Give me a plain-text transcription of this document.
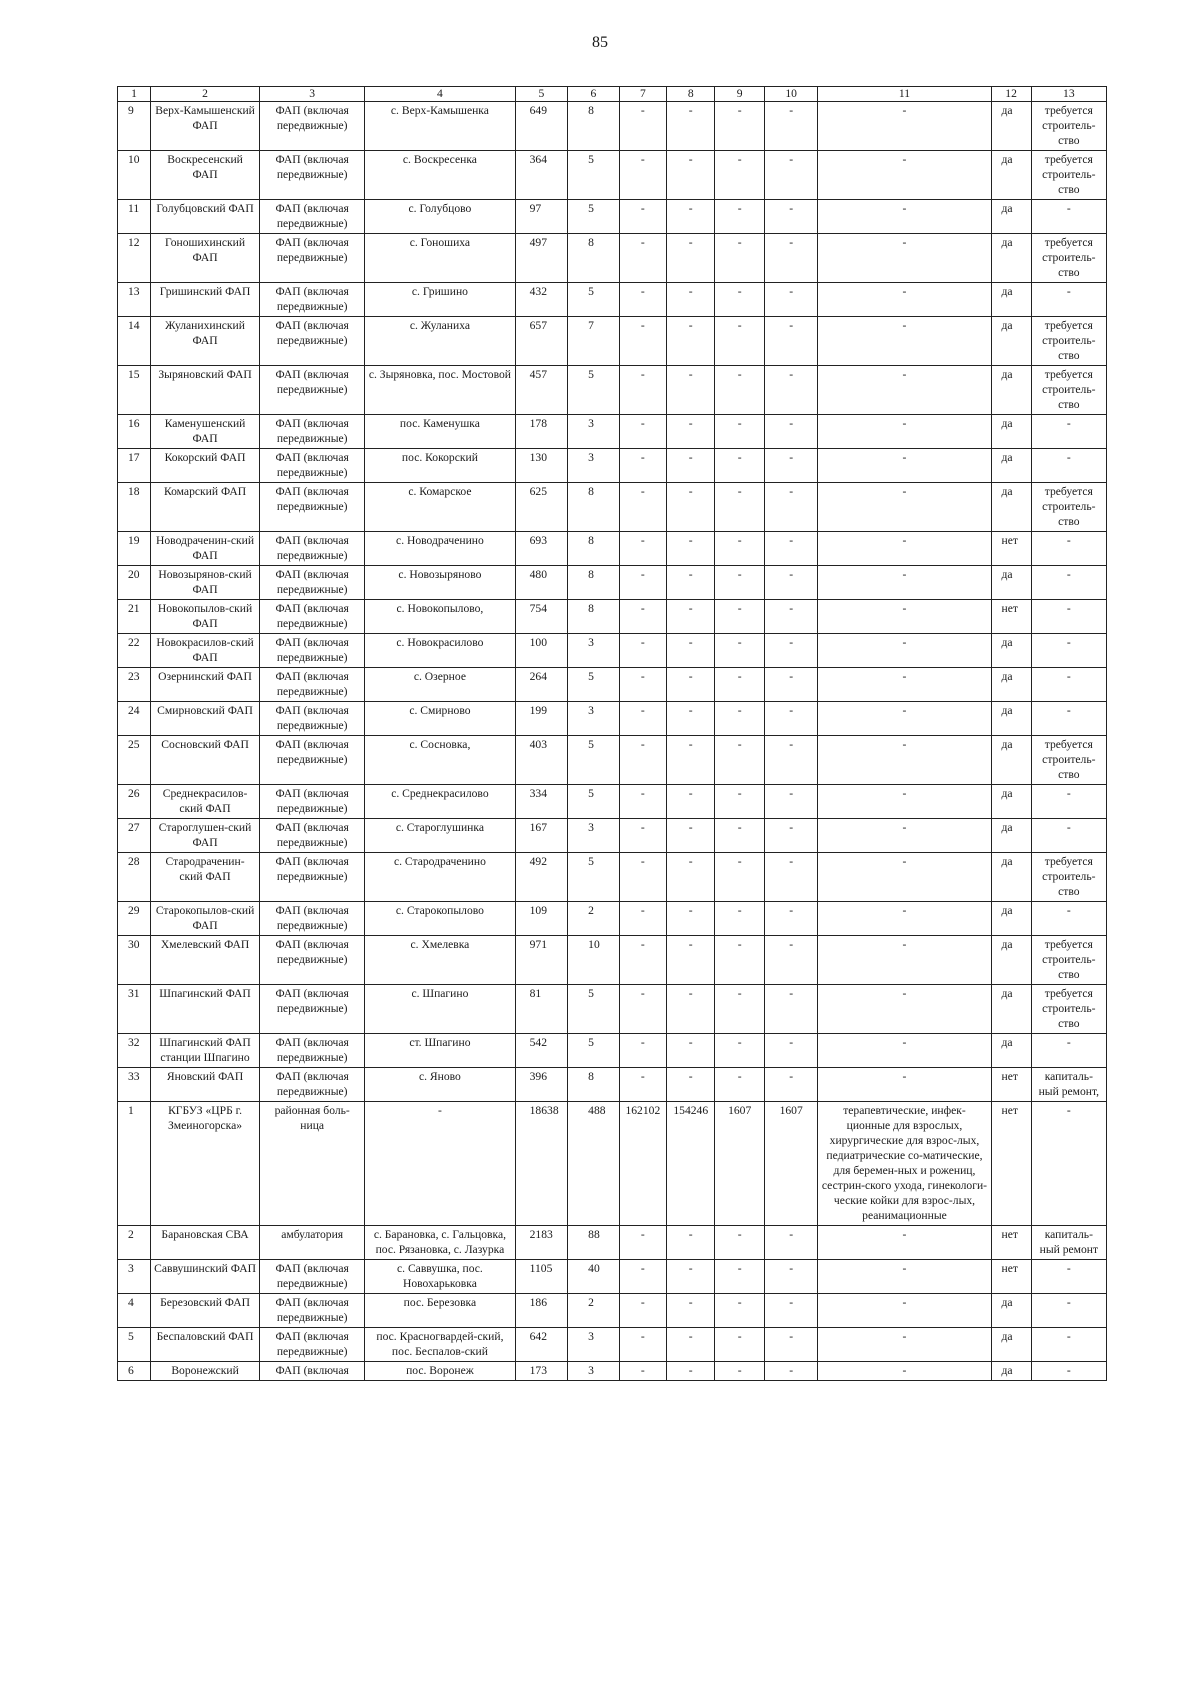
85
1	2	3	4	5	6	7	8	9	10	11	12	13
9	Верх-Камышенский ФАП	ФАП (включая передвижные)	с. Верх-Камышенка	649	8	-	-	-	-	-	да	требуется строитель-ство
10	Воскресенский ФАП	ФАП (включая передвижные)	с. Воскресенка	364	5	-	-	-	-	-	да	требуется строитель-ство
11	Голубцовский ФАП	ФАП (включая передвижные)	с. Голубцово	97	5	-	-	-	-	-	да	-
12	Гоношихинский ФАП	ФАП (включая передвижные)	с. Гоношиха	497	8	-	-	-	-	-	да	требуется строитель-ство
13	Гришинский ФАП	ФАП (включая передвижные)	с. Гришино	432	5	-	-	-	-	-	да	-
14	Жуланихинский ФАП	ФАП (включая передвижные)	с. Жуланиха	657	7	-	-	-	-	-	да	требуется строитель-ство
15	Зыряновский ФАП	ФАП (включая передвижные)	с. Зыряновка, пос. Мостовой	457	5	-	-	-	-	-	да	требуется строитель-ство
16	Каменушенский ФАП	ФАП (включая передвижные)	пос. Каменушка	178	3	-	-	-	-	-	да	-
17	Кокорский ФАП	ФАП (включая передвижные)	пос. Кокорский	130	3	-	-	-	-	-	да	-
18	Комарский ФАП	ФАП (включая передвижные)	с. Комарское	625	8	-	-	-	-	-	да	требуется строитель-ство
19	Новодраченин-ский ФАП	ФАП (включая передвижные)	с. Новодраченино	693	8	-	-	-	-	-	нет	-
20	Новозырянов-ский ФАП	ФАП (включая передвижные)	с. Новозыряново	480	8	-	-	-	-	-	да	-
21	Новокопылов-ский ФАП	ФАП (включая передвижные)	с. Новокопылово,	754	8	-	-	-	-	-	нет	-
22	Новокрасилов-ский ФАП	ФАП (включая передвижные)	с. Новокрасилово	100	3	-	-	-	-	-	да	-
23	Озернинский ФАП	ФАП (включая передвижные)	с. Озерное	264	5	-	-	-	-	-	да	-
24	Смирновский ФАП	ФАП (включая передвижные)	с. Смирново	199	3	-	-	-	-	-	да	-
25	Сосновский ФАП	ФАП (включая передвижные)	с. Сосновка,	403	5	-	-	-	-	-	да	требуется строитель-ство
26	Среднекрасилов-ский ФАП	ФАП (включая передвижные)	с. Среднекрасилово	334	5	-	-	-	-	-	да	-
27	Староглушен-ский ФАП	ФАП (включая передвижные)	с. Староглушинка	167	3	-	-	-	-	-	да	-
28	Стародраченин-ский ФАП	ФАП (включая передвижные)	с. Стародраченино	492	5	-	-	-	-	-	да	требуется строитель-ство
29	Старокопылов-ский ФАП	ФАП (включая передвижные)	с. Старокопылово	109	2	-	-	-	-	-	да	-
30	Хмелевский ФАП	ФАП (включая передвижные)	с. Хмелевка	971	10	-	-	-	-	-	да	требуется строитель-ство
31	Шпагинский ФАП	ФАП (включая передвижные)	с. Шпагино	81	5	-	-	-	-	-	да	требуется строитель-ство
32	Шпагинский ФАП станции Шпагино	ФАП (включая передвижные)	ст. Шпагино	542	5	-	-	-	-	-	да	-
33	Яновский ФАП	ФАП (включая передвижные)	с. Яново	396	8	-	-	-	-	-	нет	капиталь-ный ремонт,
1	КГБУЗ «ЦРБ г. Змеиногорска»	районная боль-ница	-	18638	488	162102	154246	1607	1607	терапевтические, инфек-ционные для взрослых, хирургические для взрос-лых, педиатрические со-матические, для беремен-ных и рожениц, сестрин-ского ухода, гинекологи-ческие койки для взрос-лых, реанимационные	нет	-
2	Барановская СВА	амбулатория	с. Барановка, с. Гальцовка, пос. Рязановка, с. Лазурка	2183	88	-	-	-	-	-	нет	капиталь-ный ремонт
3	Саввушинский ФАП	ФАП (включая передвижные)	с. Саввушка, пос. Новохарьковка	1105	40	-	-	-	-	-	нет	-
4	Березовский ФАП	ФАП (включая передвижные)	пос. Березовка	186	2	-	-	-	-	-	да	-
5	Беспаловский ФАП	ФАП (включая передвижные)	пос. Красногвардей-ский, пос. Беспалов-ский	642	3	-	-	-	-	-	да	-
6	Воронежский	ФАП (включая	пос. Воронеж	173	3	-	-	-	-	-	да	-
